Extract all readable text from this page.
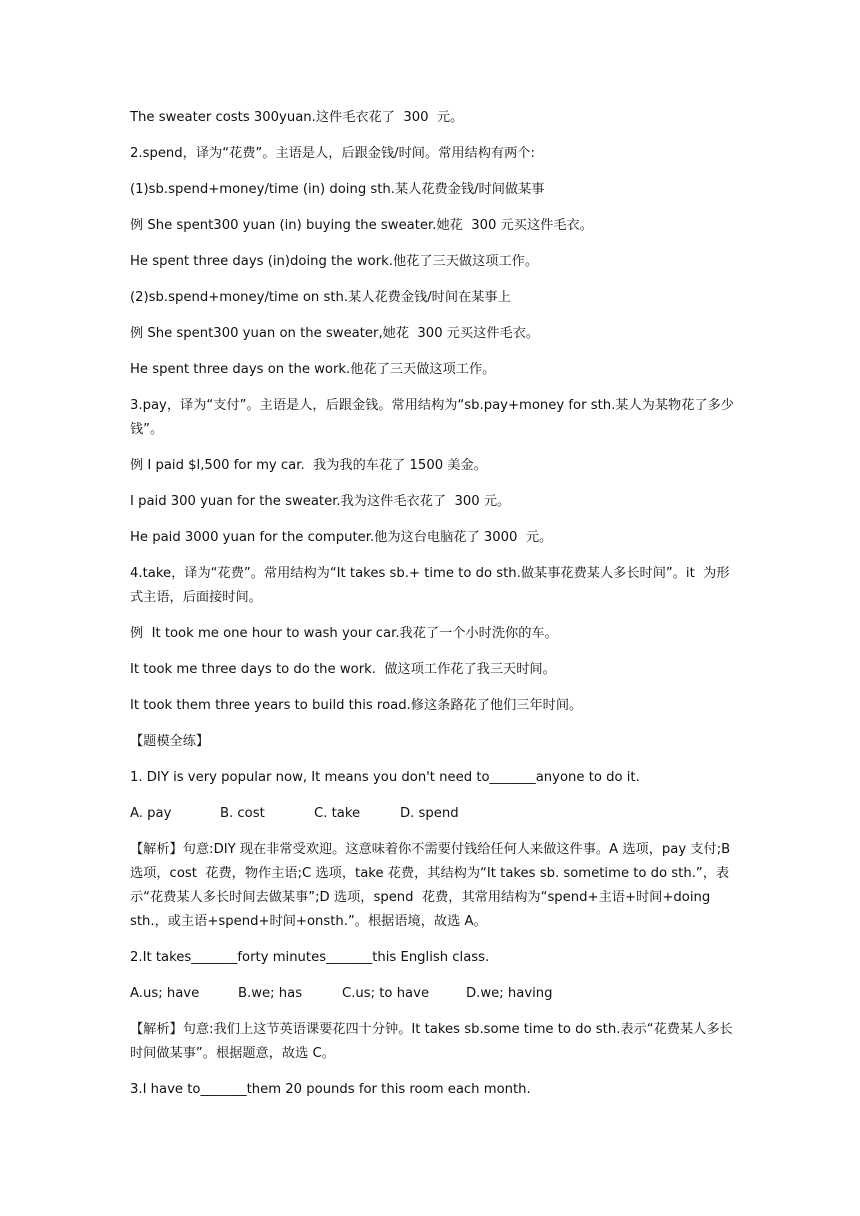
The sweater costs 300yuan.这件毛衣花了  300  元。

2.spend，译为“花费”。主语是人，后跟金钱/时间。常用结构有两个:

(1)sb.spend+money/time (in) doing sth.某人花费金钱/时间做某事

例 She spent300 yuan (in) buying the sweater.她花  300 元买这件毛衣。

He spent three days (in)doing the work.他花了三天做这项工作。

(2)sb.spend+money/time on sth.某人花费金钱/时间在某事上

例 She spent300 yuan on the sweater,她花  300 元买这件毛衣。

He spent three days on the work.他花了三天做这项工作。

3.pay，译为“支付”。主语是人，后跟金钱。常用结构为“sb.pay+money for sth.某人为某物花了多少钱”。

例 I paid $l,500 for my car.  我为我的车花了 1500 美金。

I paid 300 yuan for the sweater.我为这件毛衣花了  300 元。

He paid 3000 yuan for the computer.他为这台电脑花了 3000  元。

4.take，译为“花费”。常用结构为“It takes sb.+ time to do sth.做某事花费某人多长时间”。it  为形式主语，后面接时间。

例  It took me one hour to wash your car.我花了一个小时洗你的车。

It took me three days to do the work.  做这项工作花了我三天时间。

It took them three years to build this road.修这条路花了他们三年时间。

【题模全练】

1. DIY is very popular now, It means you don't need to_______anyone to do it.

A. pay	B. cost	C. take	D. spend

【解析】句意:DIY 现在非常受欢迎。这意味着你不需要付钱给任何人来做这件事。A 选项，pay 支付;B 选项，cost  花费，物作主语;C 选项，take 花费，其结构为“It takes sb. sometime to do sth.”，表示“花费某人多长时间去做某事”;D 选项，spend  花费，其常用结构为“spend+主语+时间+doing sth.，或主语+spend+时间+onsth.”。根据语境，故选 A。

2.It takes_______forty minutes_______this English class.

A.us; have	B.we; has	C.us; to have	D.we; having

【解析】句意:我们上这节英语课要花四十分钟。It takes sb.some time to do sth.表示“花费某人多长时间做某事”。根据题意，故选 C。

3.I have to_______them 20 pounds for this room each month.
